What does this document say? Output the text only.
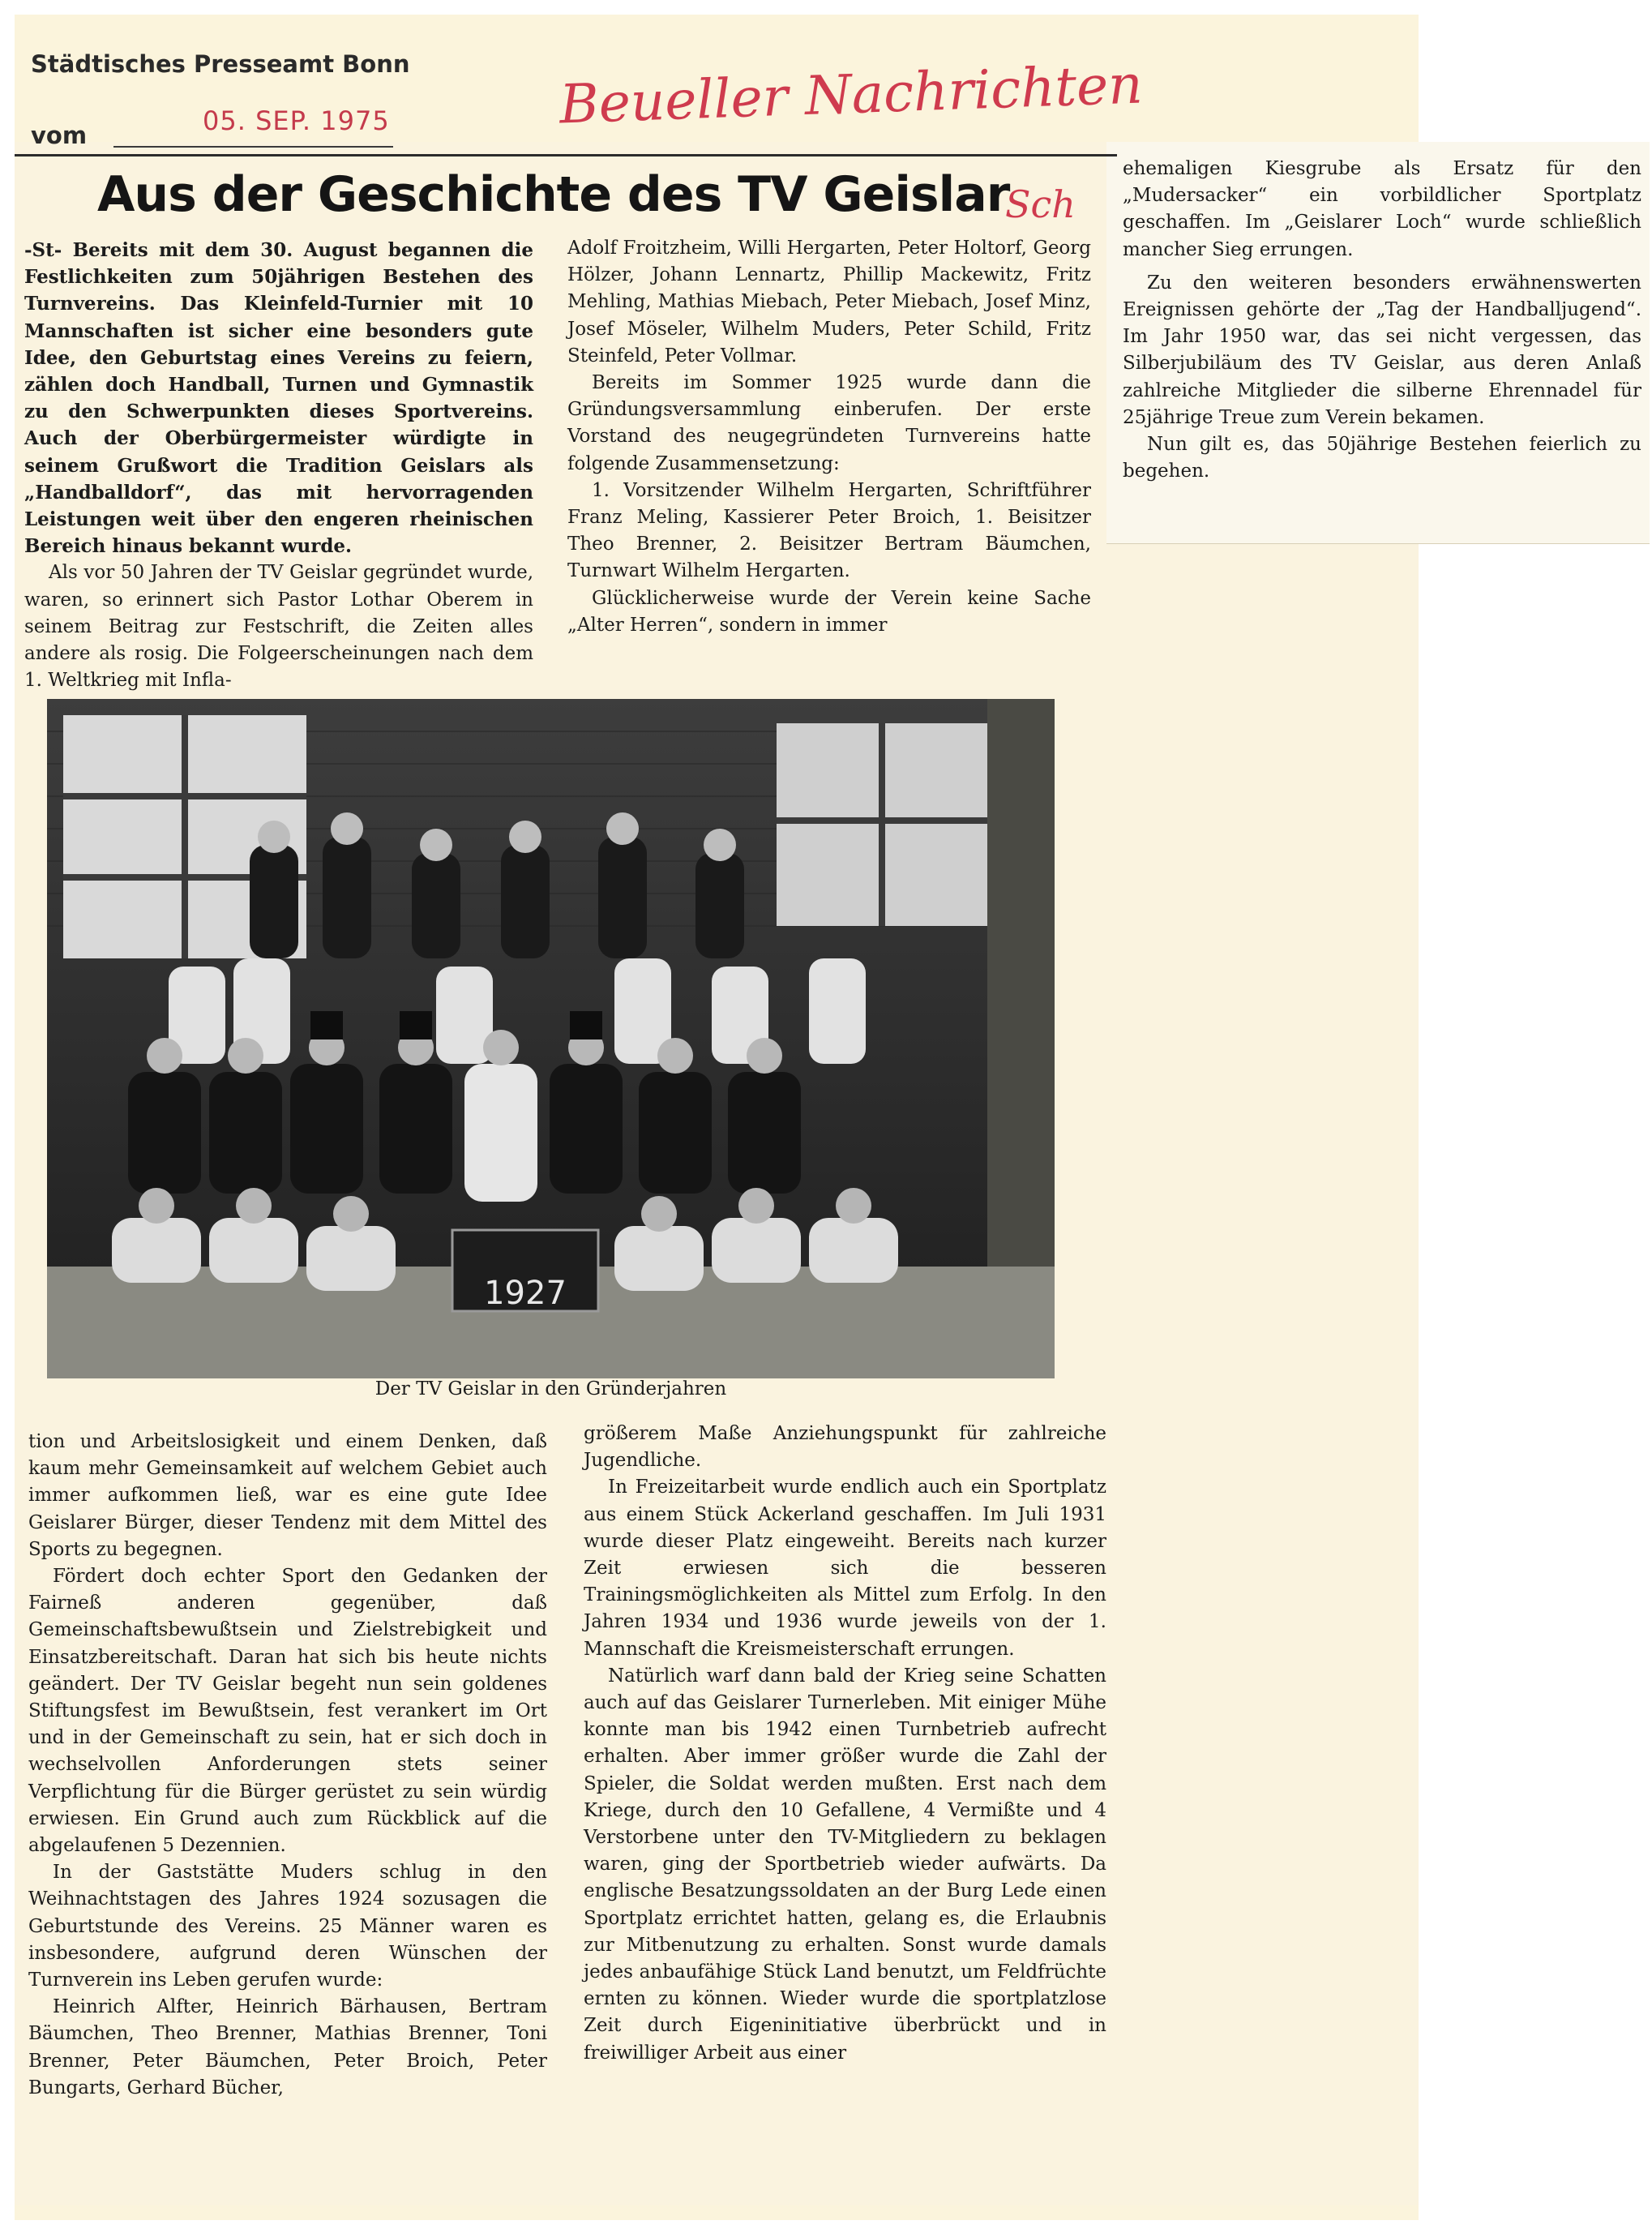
Städtisches Presseamt Bonn
vom	05. SEP. 1975	Beueller Nachrichten
Sch
Aus der Geschichte des TV Geislar

-St- Bereits mit dem 30. August begannen die Festlichkeiten zum 50jährigen Bestehen des Turnvereins. Das Kleinfeld-Turnier mit 10 Mannschaften ist sicher eine besonders gute Idee, den Geburtstag eines Vereins zu feiern, zählen doch Handball, Turnen und Gymnastik zu den Schwerpunkten dieses Sportvereins. Auch der Oberbürgermeister würdigte in seinem Grußwort die Tradition Geislars als „Handballdorf“, das mit hervorragenden Leistungen weit über den engeren rheinischen Bereich hinaus bekannt wurde.

Als vor 50 Jahren der TV Geislar gegründet wurde, waren, so erinnert sich Pastor Lothar Oberem in seinem Beitrag zur Festschrift, die Zeiten alles andere als rosig. Die Folgeerscheinungen nach dem 1. Weltkrieg mit Infla-

Adolf Froitzheim, Willi Hergarten, Peter Holtorf, Georg Hölzer, Johann Lennartz, Phillip Mackewitz, Fritz Mehling, Mathias Miebach, Peter Miebach, Josef Minz, Josef Möseler, Wilhelm Muders, Peter Schild, Fritz Steinfeld, Peter Vollmar.

Bereits im Sommer 1925 wurde dann die Gründungsversammlung einberufen. Der erste Vorstand des neugegründeten Turnvereins hatte folgende Zusammensetzung:

1. Vorsitzender Wilhelm Hergarten, Schriftführer Franz Meling, Kassierer Peter Broich, 1. Beisitzer Theo Brenner, 2. Beisitzer Bertram Bäumchen, Turnwart Wilhelm Hergarten.

Glücklicherweise wurde der Verein keine Sache „Alter Herren“, sondern in immer

ehemaligen Kiesgrube als Ersatz für den „Mudersacker“ ein vorbildlicher Sportplatz geschaffen. Im „Geislarer Loch“ wurde schließlich mancher Sieg errungen.

Zu den weiteren besonders erwähnenswerten Ereignissen gehörte der „Tag der Handballjugend“. Im Jahr 1950 war, das sei nicht vergessen, das Silberjubiläum des TV Geislar, aus deren Anlaß zahlreiche Mitglieder die silberne Ehrennadel für 25jährige Treue zum Verein bekamen.

Nun gilt es, das 50jährige Bestehen feierlich zu begehen.

1927
Der TV Geislar in den Gründerjahren

tion und Arbeitslosigkeit und einem Denken, daß kaum mehr Gemeinsamkeit auf welchem Gebiet auch immer aufkommen ließ, war es eine gute Idee Geislarer Bürger, dieser Tendenz mit dem Mittel des Sports zu begegnen.

Fördert doch echter Sport den Gedanken der Fairneß anderen gegenüber, daß Gemeinschaftsbewußtsein und Zielstrebigkeit und Einsatzbereitschaft. Daran hat sich bis heute nichts geändert. Der TV Geislar begeht nun sein goldenes Stiftungsfest im Bewußtsein, fest verankert im Ort und in der Gemeinschaft zu sein, hat er sich doch in wechselvollen Anforderungen stets seiner Verpflichtung für die Bürger gerüstet zu sein würdig erwiesen. Ein Grund auch zum Rückblick auf die abgelaufenen 5 Dezennien.

In der Gaststätte Muders schlug in den Weihnachtstagen des Jahres 1924 sozusagen die Geburtstunde des Vereins. 25 Männer waren es insbesondere, aufgrund deren Wünschen der Turnverein ins Leben gerufen wurde:

Heinrich Alfter, Heinrich Bärhausen, Bertram Bäumchen, Theo Brenner, Mathias Brenner, Toni Brenner, Peter Bäumchen, Peter Broich, Peter Bungarts, Gerhard Bücher,

größerem Maße Anziehungspunkt für zahlreiche Jugendliche.

In Freizeitarbeit wurde endlich auch ein Sportplatz aus einem Stück Ackerland geschaffen. Im Juli 1931 wurde dieser Platz eingeweiht. Bereits nach kurzer Zeit erwiesen sich die besseren Trainingsmöglichkeiten als Mittel zum Erfolg. In den Jahren 1934 und 1936 wurde jeweils von der 1. Mannschaft die Kreismeisterschaft errungen.

Natürlich warf dann bald der Krieg seine Schatten auch auf das Geislarer Turnerleben. Mit einiger Mühe konnte man bis 1942 einen Turnbetrieb aufrecht erhalten. Aber immer größer wurde die Zahl der Spieler, die Soldat werden mußten. Erst nach dem Kriege, durch den 10 Gefallene, 4 Vermißte und 4 Verstorbene unter den TV-Mitgliedern zu beklagen waren, ging der Sportbetrieb wieder aufwärts. Da englische Besatzungssoldaten an der Burg Lede einen Sportplatz errichtet hatten, gelang es, die Erlaubnis zur Mitbenutzung zu erhalten. Sonst wurde damals jedes anbaufähige Stück Land benutzt, um Feldfrüchte ernten zu können. Wieder wurde die sportplatzlose Zeit durch Eigeninitiative überbrückt und in freiwilliger Arbeit aus einer
